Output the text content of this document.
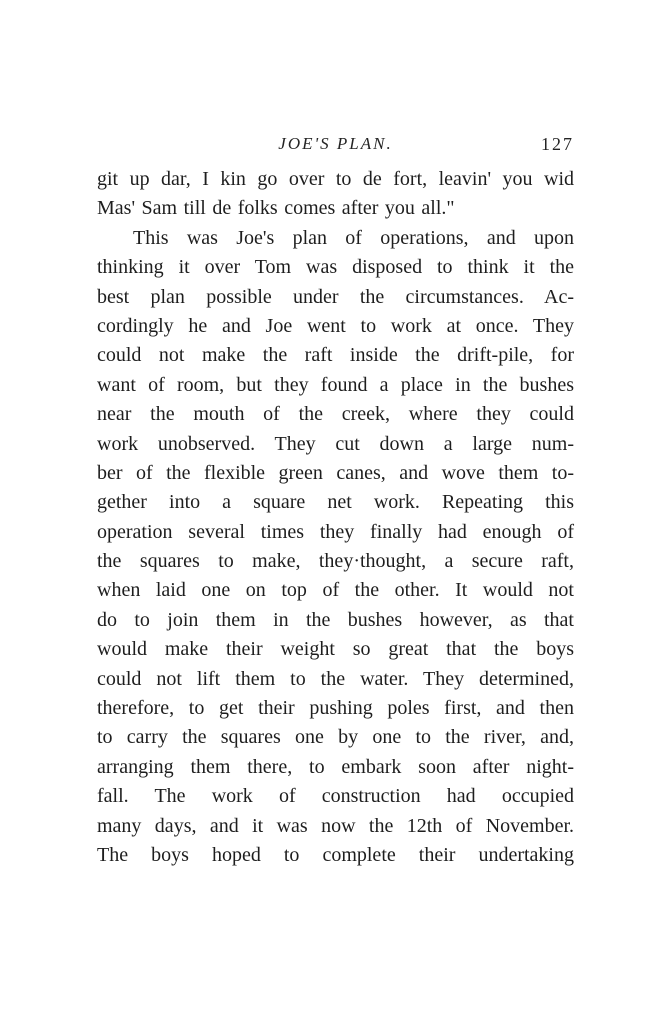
JOE'S PLAN.	127
git up dar, I kin go over to de fort, leavin' you wid
Mas' Sam till de folks comes after you all."
This was Joe's plan of operations, and upon
thinking it over Tom was disposed to think it the
best plan possible under the circumstances. Ac-
cordingly he and Joe went to work at once. They
could not make the raft inside the drift-pile, for
want of room, but they found a place in the bushes
near the mouth of the creek, where they could
work unobserved. They cut down a large num-
ber of the flexible green canes, and wove them to-
gether into a square net work. Repeating this
operation several times they finally had enough of
the squares to make, they·thought, a secure raft,
when laid one on top of the other. It would not
do to join them in the bushes however, as that
would make their weight so great that the boys
could not lift them to the water. They determined,
therefore, to get their pushing poles first, and then
to carry the squares one by one to the river, and,
arranging them there, to embark soon after night-
fall. The work of construction had occupied
many days, and it was now the 12th of November.
The boys hoped to complete their undertaking
